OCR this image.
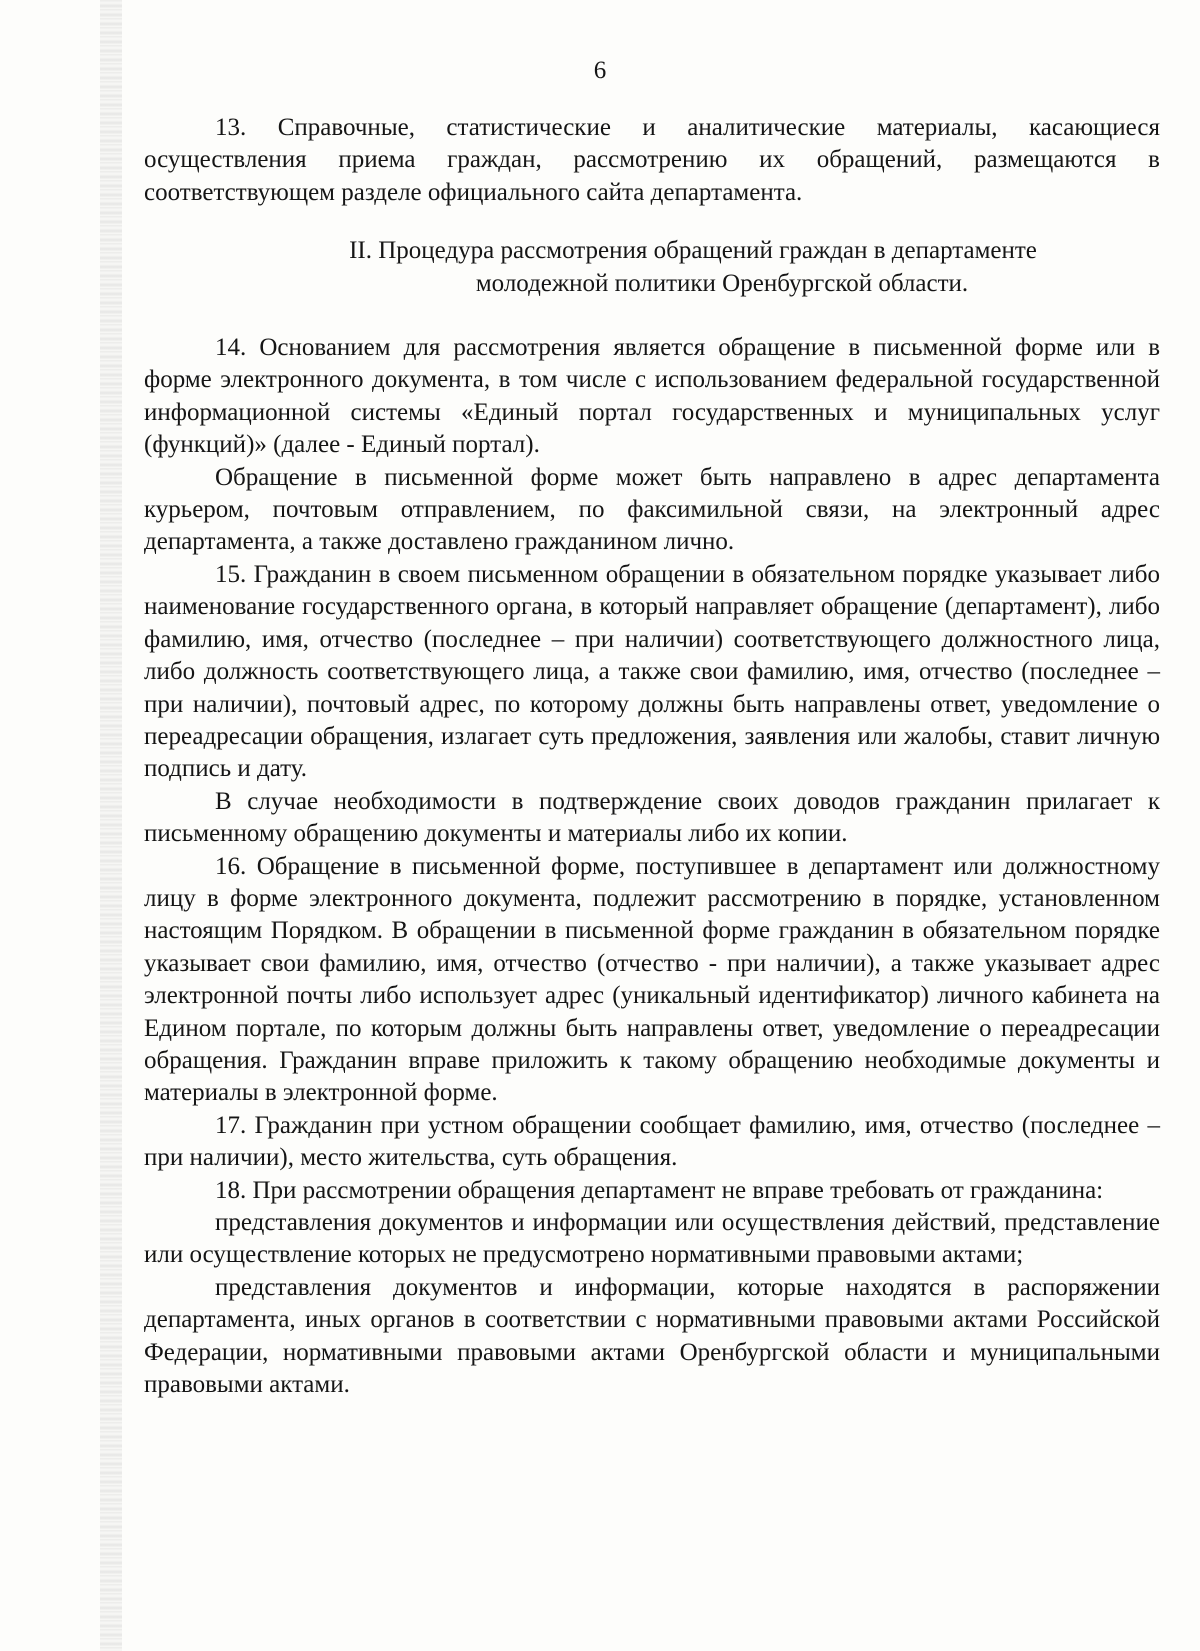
6

13. Справочные, статистические и аналитические материалы, касающиеся осуществления приема граждан, рассмотрению их обращений, размещаются в соответствующем разделе официального сайта департамента.

II. Процедура рассмотрения обращений граждан в департаменте
молодежной политики Оренбургской области.

14. Основанием для рассмотрения является обращение в письменной форме или в форме электронного документа, в том числе с использованием федеральной государственной информационной системы «Единый портал государственных и муниципальных услуг (функций)» (далее - Единый портал).

Обращение в письменной форме может быть направлено в адрес департамента курьером, почтовым отправлением, по факсимильной связи, на электронный адрес департамента, а также доставлено гражданином лично.

15. Гражданин в своем письменном обращении в обязательном порядке указывает либо наименование государственного органа, в который направляет обращение (департамент), либо фамилию, имя, отчество (последнее – при наличии) соответствующего должностного лица, либо должность соответствующего лица, а также свои фамилию, имя, отчество (последнее – при наличии), почтовый адрес, по которому должны быть направлены ответ, уведомление о переадресации обращения, излагает суть предложения, заявления или жалобы, ставит личную подпись и дату.

В случае необходимости в подтверждение своих доводов гражданин прилагает к письменному обращению документы и материалы либо их копии.

16. Обращение в письменной форме, поступившее в департамент или должностному лицу в форме электронного документа, подлежит рассмотрению в порядке, установленном настоящим Порядком. В обращении в письменной форме гражданин в обязательном порядке указывает свои фамилию, имя, отчество (отчество - при наличии), а также указывает адрес электронной почты либо использует адрес (уникальный идентификатор) личного кабинета на Едином портале, по которым должны быть направлены ответ, уведомление о переадресации обращения. Гражданин вправе приложить к такому обращению необходимые документы и материалы в электронной форме.

17. Гражданин при устном обращении сообщает фамилию, имя, отчество (последнее – при наличии), место жительства, суть обращения.

18. При рассмотрении обращения департамент не вправе требовать от гражданина:

представления документов и информации или осуществления действий, представление или осуществление которых не предусмотрено нормативными правовыми актами;

представления документов и информации, которые находятся в распоряжении департамента, иных органов в соответствии с нормативными правовыми актами Российской Федерации, нормативными правовыми актами Оренбургской области и муниципальными правовыми актами.
